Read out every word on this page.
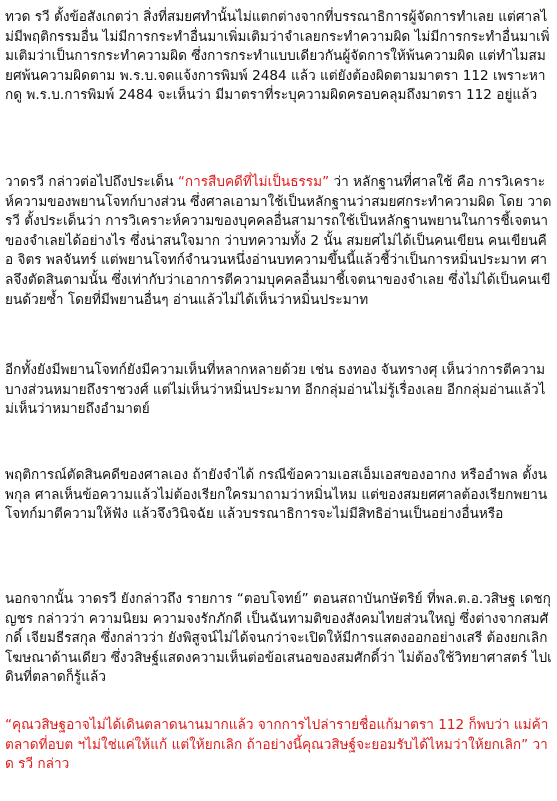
ทวด รวี ตั้งข้อสังเกตว่า สิ่งที่สมยศทำนั้นไม่แตกต่างจากที่บรรณาธิการผู้จัดการทำเลย แต่ศาลไม่มีพฤติกรรมอื่น ไม่มีการกระทำอื่นมาเพิ่มเติมว่าจำเลยกระทำความผิด ไม่มีการกระทำอื่นมาเพิ่มเติมว่าเป็นการกระทำความผิด ซึ่งการกระทำแบบเดียวกันผู้จัดการให้พ้นความผิด แต่ทำไมสมยศพ้นความผิดตาม พ.ร.บ.จดแจ้งการพิมพ์ 2484 แล้ว แต่ยังต้องผิดตามมาตรา 112 เพราะหากดู พ.ร.บ.การพิมพ์ 2484 จะเห็นว่า มีมาตราที่ระบุความผิดครอบคลุมถึงมาตรา 112 อยู่แล้ว

วาดรวี กล่าวต่อไปถึงประเด็น “การสืบคดีที่ไม่เป็นธรรม” ว่า หลักฐานที่ศาลใช้ คือ การวิเคราะห์ความของพยานโจทก์บางส่วน ซึ่งศาลเอามาใช้เป็นหลักฐานว่าสมยศกระทำความผิด โดย วาด รวี ตั้งประเด็นว่า การวิเคราะห์ความของบุคคลอื่นสามารถใช้เป็นหลักฐานพยานในการชี้เจตนาของจำเลยได้อย่างไร ซึ่งน่าสนใจมาก ว่าบทความทั้ง 2 นั้น สมยศไม่ได้เป็นคนเขียน คนเขียนคือ จิตร พลจันทร์ แต่พยานโจทก์จำนวนหนึ่งอ่านบทความขึ้นนี้แล้วชี้ว่าเป็นการหมิ่นประมาท ศาลจึงตัดสินตามนั้น ซึ่งเท่ากับว่าเอาการตีความบุคคลอื่นมาชี้เจตนาของจำเลย ซึ่งไม่ได้เป็นคนเขียนด้วยซ้ำ โดยที่มีพยานอื่นๆ อ่านแล้วไม่ได้เห็นว่าหมิ่นประมาท

อีกทั้งยังมีพยานโจทก์ยังมีความเห็นที่หลากหลายด้วย เช่น ธงทอง จันทรางศุ เห็นว่าการตีความบางส่วนหมายถึงราชวงศ์ แต่ไม่เห็นว่าหมิ่นประมาท อีกกลุ่มอ่านไม่รู้เรื่องเลย อีกกลุ่มอ่านแล้วไม่เห็นว่าหมายถึงอำมาตย์

พฤติการณ์ตัดสินคดีของศาลเอง ถ้ายังจำได้ กรณีข้อความเอสเอ็มเอสของอากง หรืออำพล ตั้งนพกุล ศาลเห็นข้อความแล้วไม่ต้องเรียกใครมาถามว่าหมิ่นไหม แต่ของสมยศศาลต้องเรียกพยานโจทก์มาตีความให้ฟัง แล้วจึงวินิจฉัย แล้วบรรณาธิการจะไม่มีสิทธิอ่านเป็นอย่างอื่นหรือ

นอกจากนั้น วาดรวี ยังกล่าวถึง รายการ “ตอบโจทย์” ตอนสถาบันกษัตริย์ ที่พล.ต.อ.วสิษฐ เดชกุญชร กล่าวว่า ความนิยม ความจงรักภักดี เป็นฉันทามติของสังคมไทยส่วนใหญ่ ซึ่งต่างจากสมศักดิ์ เจียมธีรสกุล ซึ่งกล่าวว่า ยังพิสูจน์ไม่ได้จนกว่าจะเปิดให้มีการแสดงออกอย่างเสรี ต้องยกเลิกโฆษณาด้านเดียว ซึ่งวสิษฐ์แสดงความเห็นต่อข้อเสนอของสมศักดิ์ว่า ไม่ต้องใช้วิทยาศาสตร์ ไปเดินที่ตลาดก็รู้แล้ว

“คุณวสิษฐอาจไม่ได้เดินตลาดนานมากแล้ว จากการไปล่ารายชื่อแก้มาตรา 112 ก็พบว่า แม่ค้าตลาดที่อบต ฯไม่ใช่แค่ให้แก้ แต่ให้ยกเลิก ถ้าอย่างนี้คุณวสิษฐ์จะยอมรับได้ไหมว่าให้ยกเลิก” วาด รวี กล่าว
